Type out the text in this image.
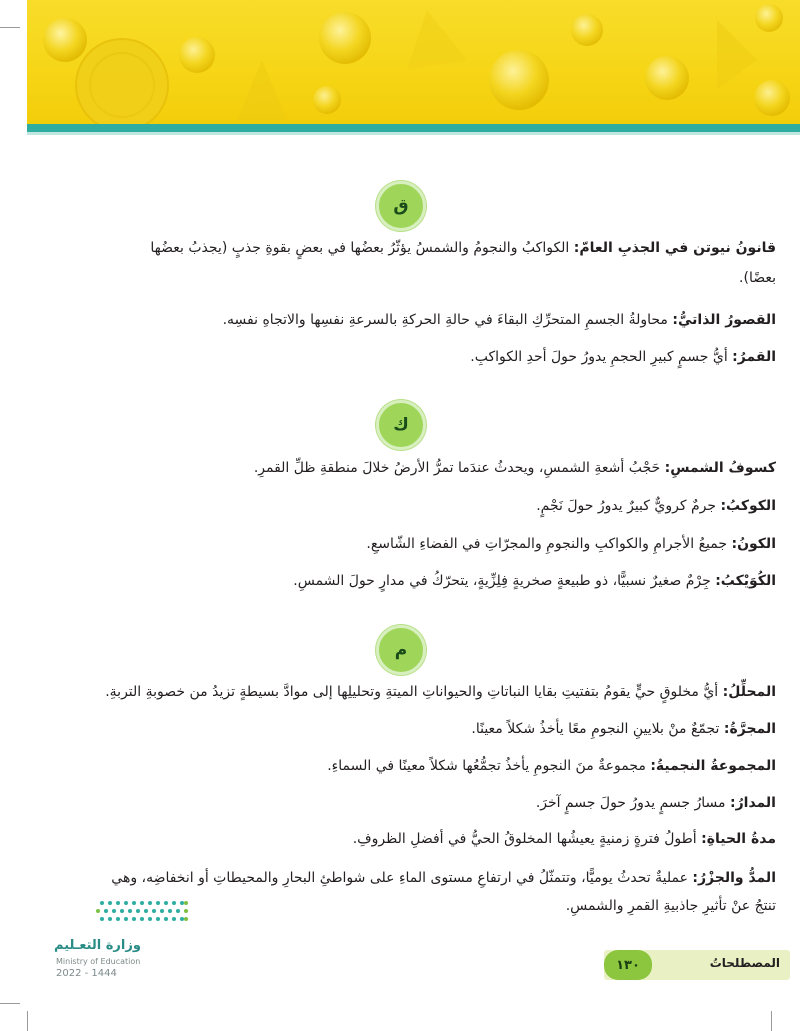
ق
قانونُ نيوتن في الجذبِ العامّ: الكواكبُ والنجومُ والشمسُ يؤثّرُ بعضُها في بعضٍ بقوةِ جذبٍ (يجذبُ بعضُها
بعضًا).
القصورُ الذاتيُّ: محاولةُ الجسمِ المتحرِّكِ البقاءَ في حالةِ الحركةِ بالسرعةِ نفسِها والاتجاهِ نفسِه.
القمرُ: أيُّ جسمٍ كبيرِ الحجمِ يدورُ حولَ أحدِ الكواكبِ.
ك
كسوفُ الشمسِ: حَجْبُ أشعةِ الشمسِ، ويحدثُ عندَما تمرُّ الأرضُ خلالَ منطقةِ ظلِّ القمرِ.
الكوكبُ: جرمٌ كرويٌّ كبيرٌ يدورُ حولَ نَجْمٍ.
الكونُ: جميعُ الأجرامِ والكواكبِ والنجومِ والمجرّاتِ في الفضاءِ الشّاسعِ.
الكُوَيْكبُ: جِرْمٌ صغيرٌ نسبيًّا، ذو طبيعةٍ صخريةٍ فِلِزِّيةٍ، يتحرّكُ في مدارٍ حولَ الشمسِ.
م
المحلِّلُ: أيُّ مخلوقٍ حيٍّ يقومُ بتفتيتِ بقايا النباتاتِ والحيواناتِ الميتةِ وتحليلِها إلى موادَّ بسيطةٍ تزيدُ من خصوبةِ التربةِ.
المجرَّةُ: تجمّعٌ منْ بلايينِ النجومِ معًا يأخذُ شكلاً معينًا.
المجموعةُ النجميةُ: مجموعةٌ منَ النجومِ يأخذُ تجمُّعُها شكلاً معينًا في السماءِ.
المدارُ: مسارُ جسمٍ يدورُ حولَ جسمٍ آخرَ.
مدةُ الحياةِ: أطولُ فترةٍ زمنيةٍ يعيشُها المخلوقُ الحيُّ في أفضلِ الظروفِ.
المدُّ والجزْرُ: عمليةٌ تحدثُ يوميًّا، وتتمثّلُ في ارتفاعِ مستوى الماءِ على شواطئِ البحارِ والمحيطاتِ أو انخفاضِه، وهي
تنتجُ عنْ تأثيرِ جاذبيةِ القمرِ والشمسِ.
وزارة التعـليم
Ministry of Education
2022 - 1444
المصطلحاتُ
١٣٠
